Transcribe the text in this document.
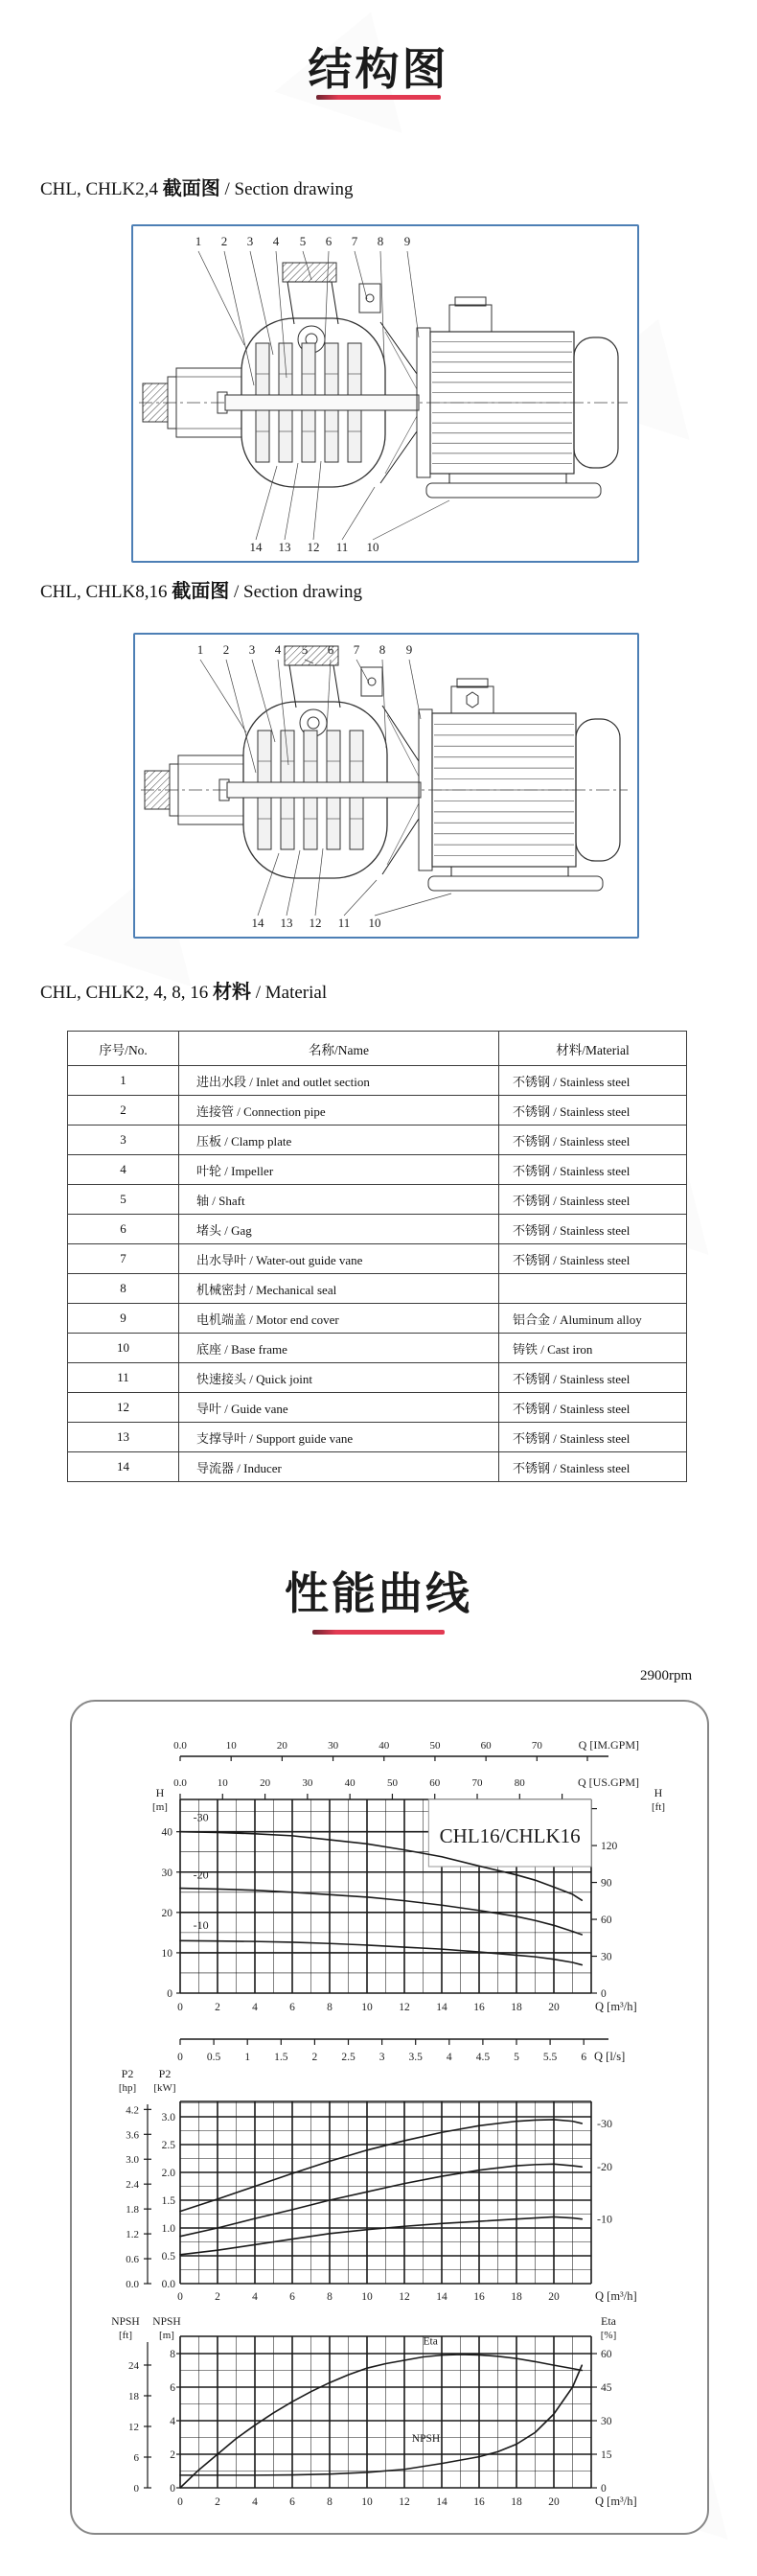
结构图
CHL, CHLK2,4 截面图 / Section drawing
1 2 3 4 5 6 7 8 9
14 13 12 11 10
CHL, CHLK8,16 截面图 / Section drawing
1 2 3 4 5 6 7 8 9
14 13 12 11 10
CHL, CHLK2, 4, 8, 16 材料 / Material
序号/No.	名称/Name	材料/Material
1	进出水段 / Inlet and outlet section	不锈钢 / Stainless steel
2	连接管 / Connection pipe	不锈钢 / Stainless steel
3	压板 / Clamp plate	不锈钢 / Stainless steel
4	叶轮 / Impeller	不锈钢 / Stainless steel
5	轴 / Shaft	不锈钢 / Stainless steel
6	堵头 / Gag	不锈钢 / Stainless steel
7	出水导叶 / Water-out guide vane	不锈钢 / Stainless steel
8	机械密封 / Mechanical seal	
9	电机端盖 / Motor end cover	铝合金 / Aluminum alloy
10	底座 / Base frame	铸铁 / Cast iron
11	快速接头 / Quick joint	不锈钢 / Stainless steel
12	导叶 / Guide vane	不锈钢 / Stainless steel
13	支撑导叶 / Support guide vane	不锈钢 / Stainless steel
14	导流器 / Inducer	不锈钢 / Stainless steel
性能曲线
2900rpm
0.0	10	20	30	40	50	60	70	Q [IM.GPM]
0.0	10	20	30	40	50	60	70	80	Q [US.GPM]
H
[m]
H
[ft]
0
10
20
30
40
0
30
60
90
120
CHL16/CHLK16
-30
-20
-10
0	2	4	6	8	10 12 14 16 18 20	Q [m³/h]
0 0.5 1 1.5 2 2.5 3 3.5 4 4.5 5 5.5 6 Q [l/s]
P2
[hp]
P2
[kW]
0.0
0.6
1.2
1.8
2.4
3.0
3.6
4.2
0.0
0.5
1.0
1.5
2.0
2.5
3.0	-30
-20
-10
0	2	4	6	8	10 12 14 16 18 20	Q [m³/h]
NPSH
[ft]
NPSH
[m]
Eta
[%]
0
6
12
18
24
0
2
4
6
8
0
15
30
45
60
Eta
NPSH
0	2	4	6	8	10 12 14 16 18 20	Q [m³/h]
